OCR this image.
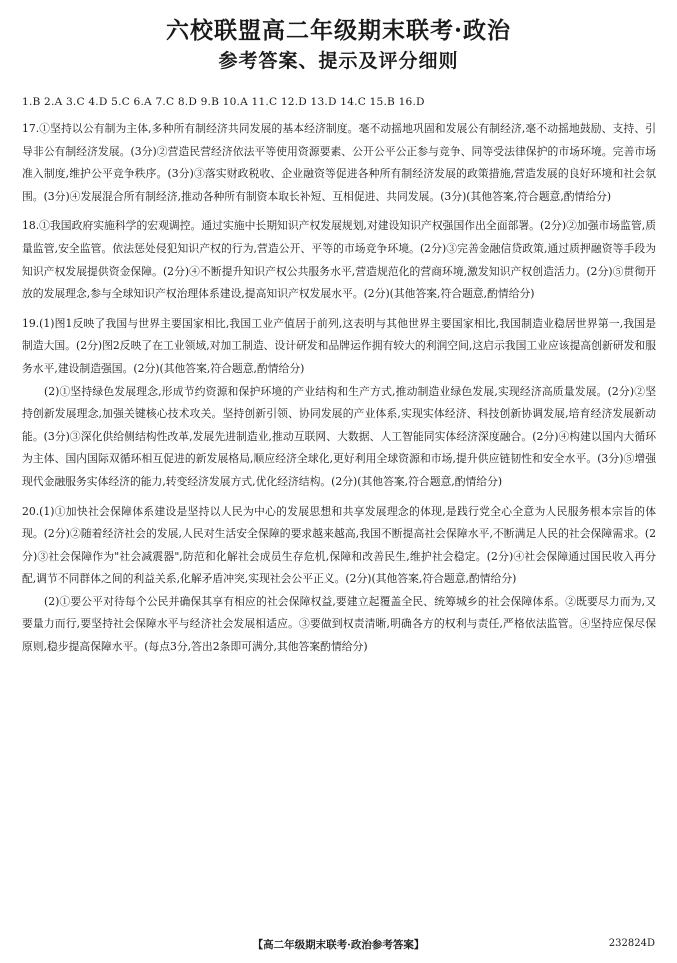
六校联盟高二年级期末联考·政治
参考答案、提示及评分细则
1.B 2.A 3.C 4.D 5.C 6.A 7.C 8.D 9.B 10.A 11.C 12.D 13.D 14.C 15.B 16.D
17.①坚持以公有制为主体,多种所有制经济共同发展的基本经济制度。毫不动摇地巩固和发展公有制经济,毫不动摇地鼓励、支持、引导非公有制经济发展。(3分)②营造民营经济依法平等使用资源要素、公开公平公正参与竞争、同等受法律保护的市场环境。完善市场准入制度,维护公平竞争秩序。(3分)③落实财政税收、企业融资等促进各种所有制经济发展的政策措施,营造发展的良好环境和社会氛围。(3分)④发展混合所有制经济,推动各种所有制资本取长补短、互相促进、共同发展。(3分)(其他答案,符合题意,酌情给分)
18.①我国政府实施科学的宏观调控。通过实施中长期知识产权发展规划,对建设知识产权强国作出全面部署。(2分)②加强市场监管,质量监管,安全监管。依法惩处侵犯知识产权的行为,营造公开、平等的市场竞争环境。(2分)③完善金融信贷政策,通过质押融资等手段为知识产权发展提供资金保障。(2分)④不断提升知识产权公共服务水平,营造规范化的营商环境,激发知识产权创造活力。(2分)⑤贯彻开放的发展理念,参与全球知识产权治理体系建设,提高知识产权发展水平。(2分)(其他答案,符合题意,酌情给分)
19.(1)图1反映了我国与世界主要国家相比,我国工业产值居于前列,这表明与其他世界主要国家相比,我国制造业稳居世界第一,我国是制造大国。(2分)图2反映了在工业领域,对加工制造、设计研发和品牌运作拥有较大的利润空间,这启示我国工业应该提高创新研发和服务水平,建设制造强国。(2分)(其他答案,符合题意,酌情给分)
(2)①坚持绿色发展理念,形成节约资源和保护环境的产业结构和生产方式,推动制造业绿色发展,实现经济高质量发展。(2分)②坚持创新发展理念,加强关键核心技术攻关。坚持创新引领、协同发展的产业体系,实现实体经济、科技创新协调发展,培育经济发展新动能。(3分)③深化供给侧结构性改革,发展先进制造业,推动互联网、大数据、人工智能同实体经济深度融合。(2分)④构建以国内大循环为主体、国内国际双循环相互促进的新发展格局,顺应经济全球化,更好利用全球资源和市场,提升供应链韧性和安全水平。(3分)⑤增强现代金融服务实体经济的能力,转变经济发展方式,优化经济结构。(2分)(其他答案,符合题意,酌情给分)
20.(1)①加快社会保障体系建设是坚持以人民为中心的发展思想和共享发展理念的体现,是践行党全心全意为人民服务根本宗旨的体现。(2分)②随着经济社会的发展,人民对生活安全保障的要求越来越高,我国不断提高社会保障水平,不断满足人民的社会保障需求。(2分)③社会保障作为"社会减震器",防范和化解社会成员生存危机,保障和改善民生,维护社会稳定。(2分)④社会保障通过国民收入再分配,调节不同群体之间的利益关系,化解矛盾冲突,实现社会公平正义。(2分)(其他答案,符合题意,酌情给分)
(2)①要公平对待每个公民并确保其享有相应的社会保障权益,要建立起覆盖全民、统筹城乡的社会保障体系。②既要尽力而为,又要量力而行,要坚持社会保障水平与经济社会发展相适应。③要做到权责清晰,明确各方的权利与责任,严格依法监管。④坚持应保尽保原则,稳步提高保障水平。(每点3分,答出2条即可满分,其他答案酌情给分)
【高二年级期末联考·政治参考答案】	232824D
